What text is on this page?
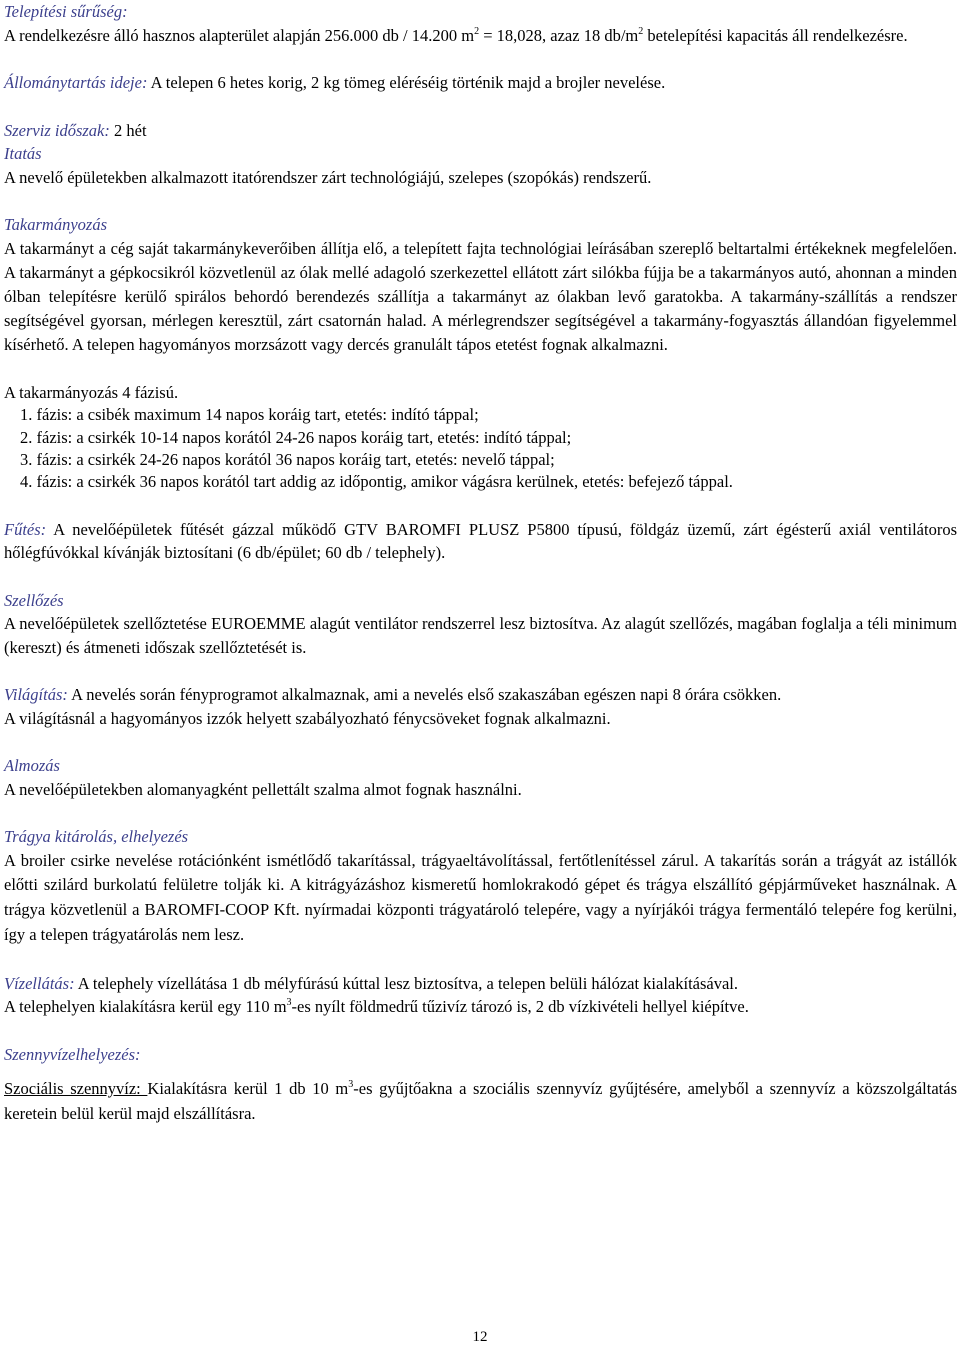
Telepítési sűrűség:

A rendelkezésre álló hasznos alapterület alapján 256.000 db / 14.200 $m^2 = 18,028$, azaz 18 $db/m^2$ betelepítési kapacitás áll rendelkezésre.

Állománytartás ideje: A telepen 6 hetes korig, 2 kg tömeg eléréséig történik majd a brojler nevelése.

Szerviz időszak: 2 hét

Itatás

A nevelő épületekben alkalmazott itatórendszer zárt technológiájú, szelepes (szopókás) rendszerű.

Takarmányozás

A takarmányt a cég saját takarmánykeverőiben állítja elő, a telepített fajta technológiai leírásában szereplő beltartalmi értékeknek megfelelően. A takarmányt a gépkocsikról közvetlenül az ólak mellé adagoló szerkezettel ellátott zárt silókba fújja be a takarmányos autó, ahonnan a minden ólban telepítésre kerülő spirálos behordó berendezés szállítja a takarmányt az ólakban levő garatokba. A takarmány-szállítás a rendszer segítségével gyorsan, mérlegen keresztül, zárt csatornán halad. A mérlegrendszer segítségével a takarmány-fogyasztás állandóan figyelemmel kísérhető. A telepen hagyományos morzsázott vagy dercés granulált tápos etetést fognak alkalmazni.

A takarmányozás 4 fázisú.

1. fázis: a csibék maximum 14 napos koráig tart, etetés: indító táppal;

2. fázis: a csirkék 10-14 napos korától 24-26 napos koráig tart, etetés: indító táppal;

3. fázis: a csirkék 24-26 napos korától 36 napos koráig tart, etetés: nevelő táppal;

4. fázis: a csirkék 36 napos korától tart addig az időpontig, amikor vágásra kerülnek, etetés: befejező táppal.

Fűtés: A nevelőépületek fűtését gázzal működő GTV BAROMFI PLUSZ P5800 típusú, földgáz üzemű, zárt égésterű axiál ventilátoros hőlégfúvókkal kívánják biztosítani (6 db/épület; 60 db / telephely).

Szellőzés

A nevelőépületek szellőztetése EUROEMME alagút ventilátor rendszerrel lesz biztosítva. Az alagút szellőzés, magában foglalja a téli minimum (kereszt) és átmeneti időszak szellőztetését is.

Világítás: A nevelés során fényprogramot alkalmaznak, ami a nevelés első szakaszában egészen napi 8 órára csökken.

A világításnál a hagyományos izzók helyett szabályozható fénycsöveket fognak alkalmazni.

Almozás

A nevelőépületekben alomanyagként pellettált szalma almot fognak használni.

Trágya kitárolás, elhelyezés

A broiler csirke nevelése rotációnként ismétlődő takarítással, trágyaeltávolítással, fertőtlenítéssel zárul. A takarítás során a trágyát az istállók előtti szilárd burkolatú felületre tolják ki. A kitrágyázáshoz kismeretű homlokrakodó gépet és trágya elszállító gépjárműveket használnak. A trágya közvetlenül a BAROMFI-COOP Kft. nyírmadai központi trágyatároló telepére, vagy a nyírjákói trágya fermentáló telepére fog kerülni, így a telepen trágyatárolás nem lesz.

Vízellátás: A telephely vízellátása 1 db mélyfúrású kúttal lesz biztosítva, a telepen belüli hálózat kialakításával.

A telephelyen kialakításra kerül egy 110 $m^3-es$ nyílt földmedrű tűzivíz tározó is, 2 db vízkivételi hellyel kiépítve.

Szennyvízelhelyezés:

Szociális szennyvíz: Kialakításra kerül 1 db 10 $m^3-es$ gyűjtőakna a szociális szennyvíz gyűjtésére, amelyből a szennyvíz a közszolgáltatás keretein belül kerül majd elszállításra.

12
